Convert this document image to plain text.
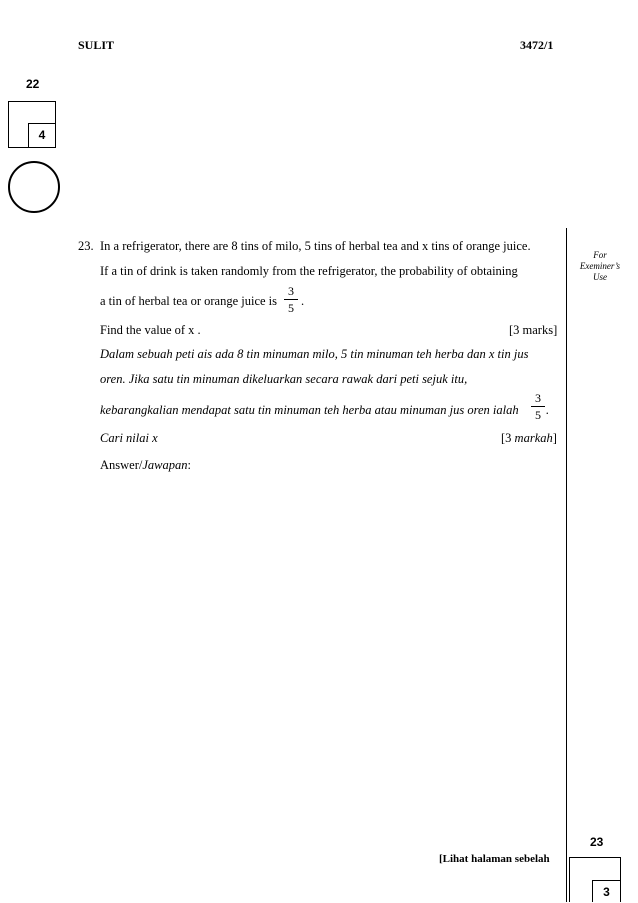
SULIT	3472/1
22
4
For
Exeminer’s
Use
23. In a refrigerator, there are 8 tins of milo, 5 tins of herbal tea and x tins of orange juice.
If a tin of drink is taken randomly from the refrigerator, the probability of obtaining
a tin of herbal tea or orange juice is
3
5 .
Find the value of x .	[3 marks]
Dalam sebuah peti ais ada 8 tin minuman milo, 5 tin minuman teh herba dan x tin jus
oren. Jika satu tin minuman dikeluarkan secara rawak dari peti sejuk itu,
kebarangkalian mendapat satu tin minuman teh herba atau minuman jus oren ialah
3
5 .
Cari nilai x	[3 markah]
Answer/Jawapan:
23
3
[Lihat halaman sebelah
